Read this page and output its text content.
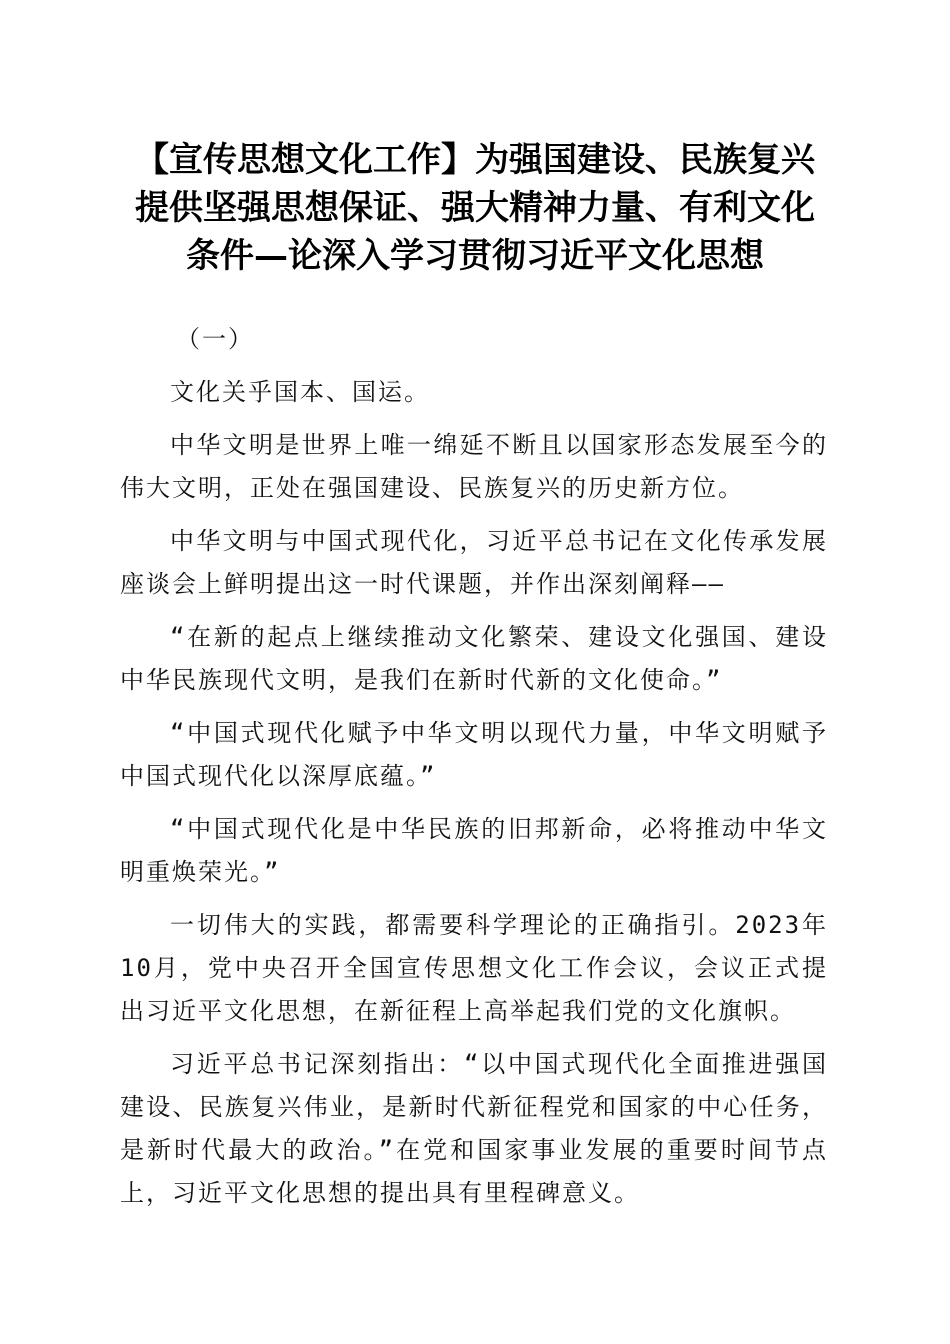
【宣传思想文化工作】为强国建设、民族复兴
提供坚强思想保证、强大精神力量、有利文化
条件—论深入学习贯彻习近平文化思想

（一）

文化关乎国本、国运。

中华文明是世界上唯一绵延不断且以国家形态发展至今的伟大文明，正处在强国建设、民族复兴的历史新方位。

中华文明与中国式现代化，习近平总书记在文化传承发展座谈会上鲜明提出这一时代课题，并作出深刻阐释——

“在新的起点上继续推动文化繁荣、建设文化强国、建设中华民族现代文明，是我们在新时代新的文化使命。”

“中国式现代化赋予中华文明以现代力量，中华文明赋予中国式现代化以深厚底蕴。”

“中国式现代化是中华民族的旧邦新命，必将推动中华文明重焕荣光。”

一切伟大的实践，都需要科学理论的正确指引。2023年10月，党中央召开全国宣传思想文化工作会议，会议正式提出习近平文化思想，在新征程上高举起我们党的文化旗帜。

习近平总书记深刻指出：“以中国式现代化全面推进强国建设、民族复兴伟业，是新时代新征程党和国家的中心任务，是新时代最大的政治。”在党和国家事业发展的重要时间节点上，习近平文化思想的提出具有里程碑意义。
